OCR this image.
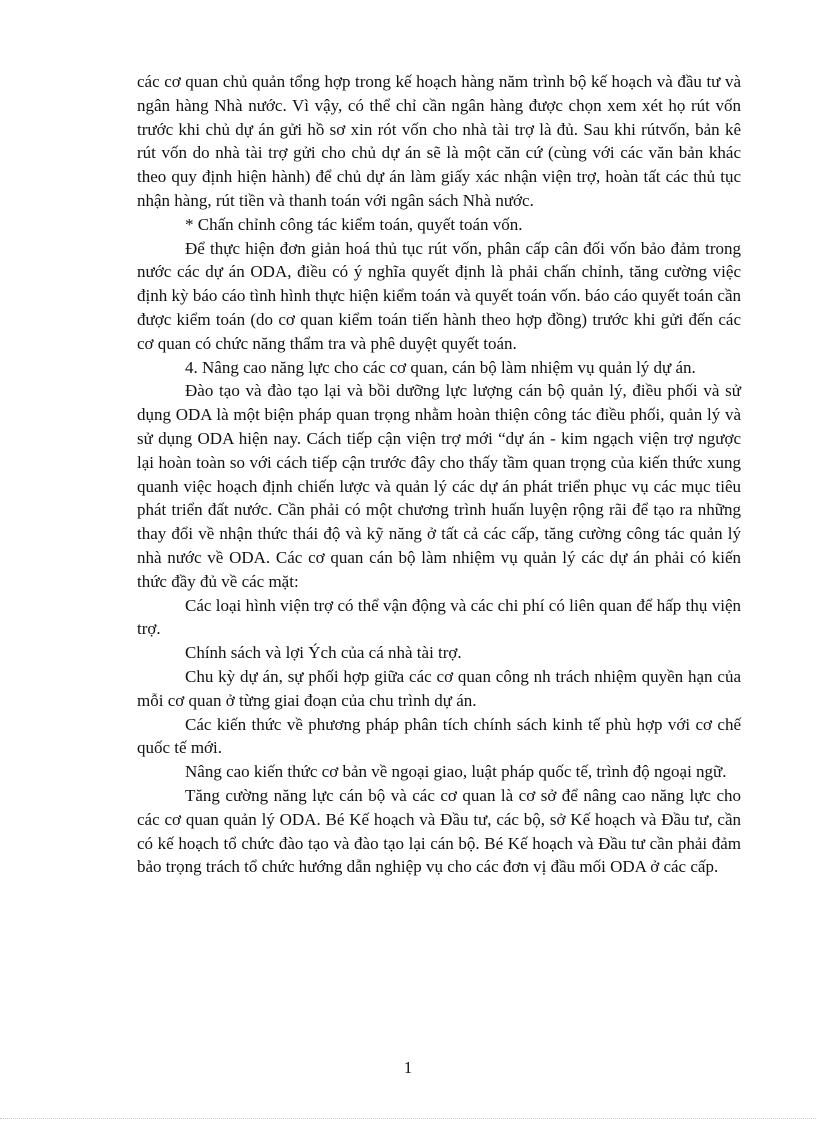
các cơ quan chủ quản tổng hợp trong kế hoạch hàng năm trình bộ kế hoạch và đầu tư và ngân hàng Nhà nước. Vì vậy, có thể chỉ cần ngân hàng được chọn xem xét họ rút vốn trước khi chủ dự án gửi hồ sơ xin rót vốn cho nhà tài trợ là đủ. Sau khi rútvốn, bản kê rút vốn do nhà tài trợ gửi cho chủ dự án sẽ là một căn cứ (cùng với các văn bản khác theo quy định hiện hành) để chủ dự án làm giấy xác nhận viện trợ, hoàn tất các thủ tục nhận hàng, rút tiền và thanh toán với ngân sách Nhà nước.

* Chấn chỉnh công tác kiểm toán, quyết toán vốn.

Để thực hiện đơn giản hoá thủ tục rút vốn, phân cấp cân đối vốn bảo đảm trong nước các dự án ODA, điều có ý nghĩa quyết định là phải chấn chỉnh, tăng cường việc định kỳ báo cáo tình hình thực hiện kiểm toán và quyết toán vốn. báo cáo quyết toán cần được kiểm toán (do cơ quan kiểm toán tiến hành theo hợp đồng) trước khi gửi đến các cơ quan có chức năng thẩm tra và phê duyệt quyết toán.

4. Nâng cao năng lực cho các cơ quan, cán bộ làm nhiệm vụ quản lý dự án.

Đào tạo và đào tạo lại và bồi dưỡng lực lượng cán bộ quản lý, điều phối và sử dụng ODA là một biện pháp quan trọng nhằm hoàn thiện công tác điều phối, quản lý và sử dụng ODA hiện nay. Cách tiếp cận viện trợ mới “dự án - kim ngạch viện trợ ngược lại hoàn toàn so với cách tiếp cận trước đây cho thấy tầm quan trọng của kiến thức xung quanh việc hoạch định chiến lược và quản lý các dự án phát triển phục vụ các mục tiêu phát triển đất nước. Cần phải có một chương trình huấn luyện rộng rãi để tạo ra những thay đổi về nhận thức thái độ và kỹ năng ở tất cả các cấp, tăng cường công tác quản lý nhà nước về ODA. Các cơ quan cán bộ làm nhiệm vụ quản lý các dự án phải có kiến thức đầy đủ về các mặt:

Các loại hình viện trợ có thể vận động và các chi phí có liên quan để hấp thụ viện trợ.

Chính sách và lợi Ých của cá nhà tài trợ.

Chu kỳ dự án, sự phối hợp giữa các cơ quan công nh trách nhiệm quyền hạn của mỗi cơ quan ở từng giai đoạn của chu trình dự án.

Các kiến thức về phương pháp phân tích chính sách kinh tế phù hợp với cơ chế quốc tế mới.

Nâng cao kiến thức cơ bản về ngoại giao, luật pháp quốc tế, trình độ ngoại ngữ.

Tăng cường năng lực cán bộ và các cơ quan là cơ sở để nâng cao năng lực cho các cơ quan quản lý ODA. Bé Kế hoạch và Đầu tư, các bộ, sở Kế hoạch và Đầu tư, cần có kế hoạch tổ chức đào tạo và đào tạo lại cán bộ. Bé Kế hoạch và Đầu tư cần phải đảm bảo trọng trách tổ chức hướng dẫn nghiệp vụ cho các đơn vị đầu mối ODA ở các cấp.

1
